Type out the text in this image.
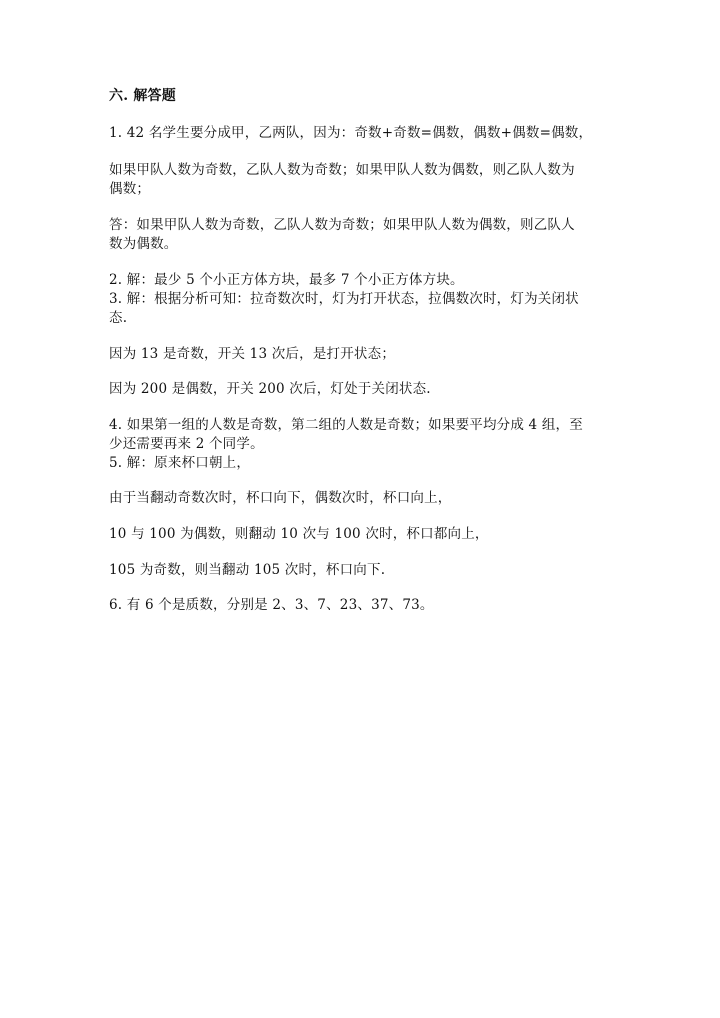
六. 解答题

1. 42 名学生要分成甲，乙两队，因为：奇数+奇数=偶数，偶数+偶数=偶数，

如果甲队人数为奇数，乙队人数为奇数；如果甲队人数为偶数，则乙队人数为

偶数；

答：如果甲队人数为奇数，乙队人数为奇数；如果甲队人数为偶数，则乙队人

数为偶数。

2. 解：最少 5 个小正方体方块，最多 7 个小正方体方块。

3. 解：根据分析可知：拉奇数次时，灯为打开状态，拉偶数次时，灯为关闭状

态.

因为 13 是奇数，开关 13 次后，是打开状态；

因为 200 是偶数，开关 200 次后，灯处于关闭状态.

4. 如果第一组的人数是奇数，第二组的人数是奇数；如果要平均分成 4 组，至

少还需要再来 2 个同学。

5. 解：原来杯口朝上，

由于当翻动奇数次时，杯口向下，偶数次时，杯口向上，

10 与 100 为偶数，则翻动 10 次与 100 次时，杯口都向上，

105 为奇数，则当翻动 105 次时，杯口向下.

6. 有 6 个是质数，分别是 2、3、7、23、37、73。
